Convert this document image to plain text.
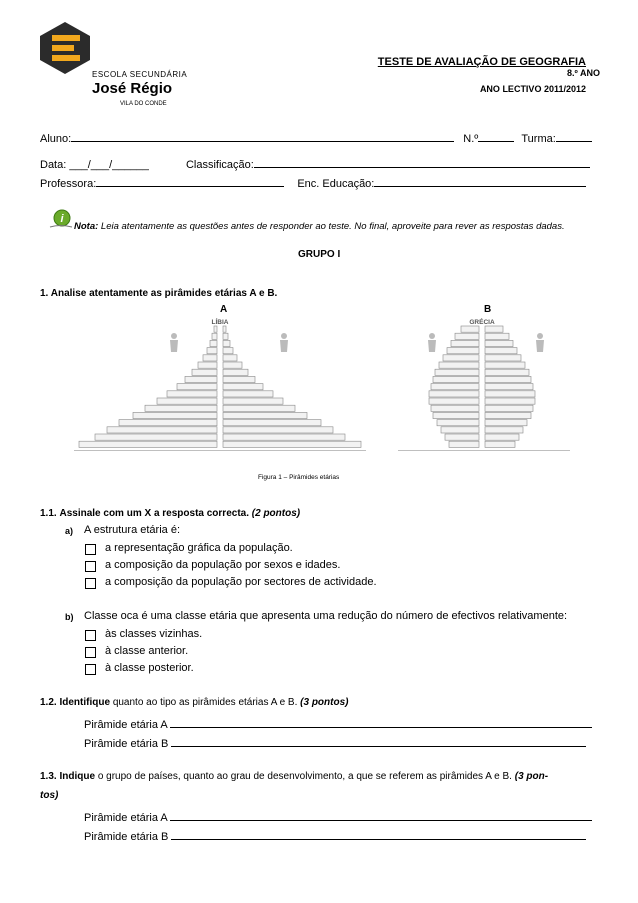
ESCOLA SECUNDÁRIA
José Régio
VILA DO CONDE
TESTE DE AVALIAÇÃO DE GEOGRAFIA
8.º ANO
ANO LECTIVO 2011/2012
Aluno:	N.º	Turma:
Data: ___/___/______	Classificação:
Professora:	Enc. Educação:
i
Nota: Leia atentamente as questões antes de responder ao teste. No final, aproveite para rever as respostas dadas.
GRUPO I
1. Analise atentamente as pirâmides etárias A e B.
A	B
LÍBIA	GRÉCIA
Figura 1 – Pirâmides etárias
1.1. Assinale com um X a resposta correcta. (2 pontos)
a) A estrutura etária é:
a representação gráfica da população.
a composição da população por sexos e idades.
a composição da população por sectores de actividade.
b) Classe oca é uma classe etária que apresenta uma redução do número de efectivos relativamente:
às classes vizinhas.
à classe anterior.
à classe posterior.
1.2. Identifique quanto ao tipo as pirâmides etárias A e B. (3 pontos)
Pirâmide etária A
Pirâmide etária B
1.3. Indique o grupo de países, quanto ao grau de desenvolvimento, a que se referem as pirâmides A e B. (3 pon-
tos)
Pirâmide etária A
Pirâmide etária B
